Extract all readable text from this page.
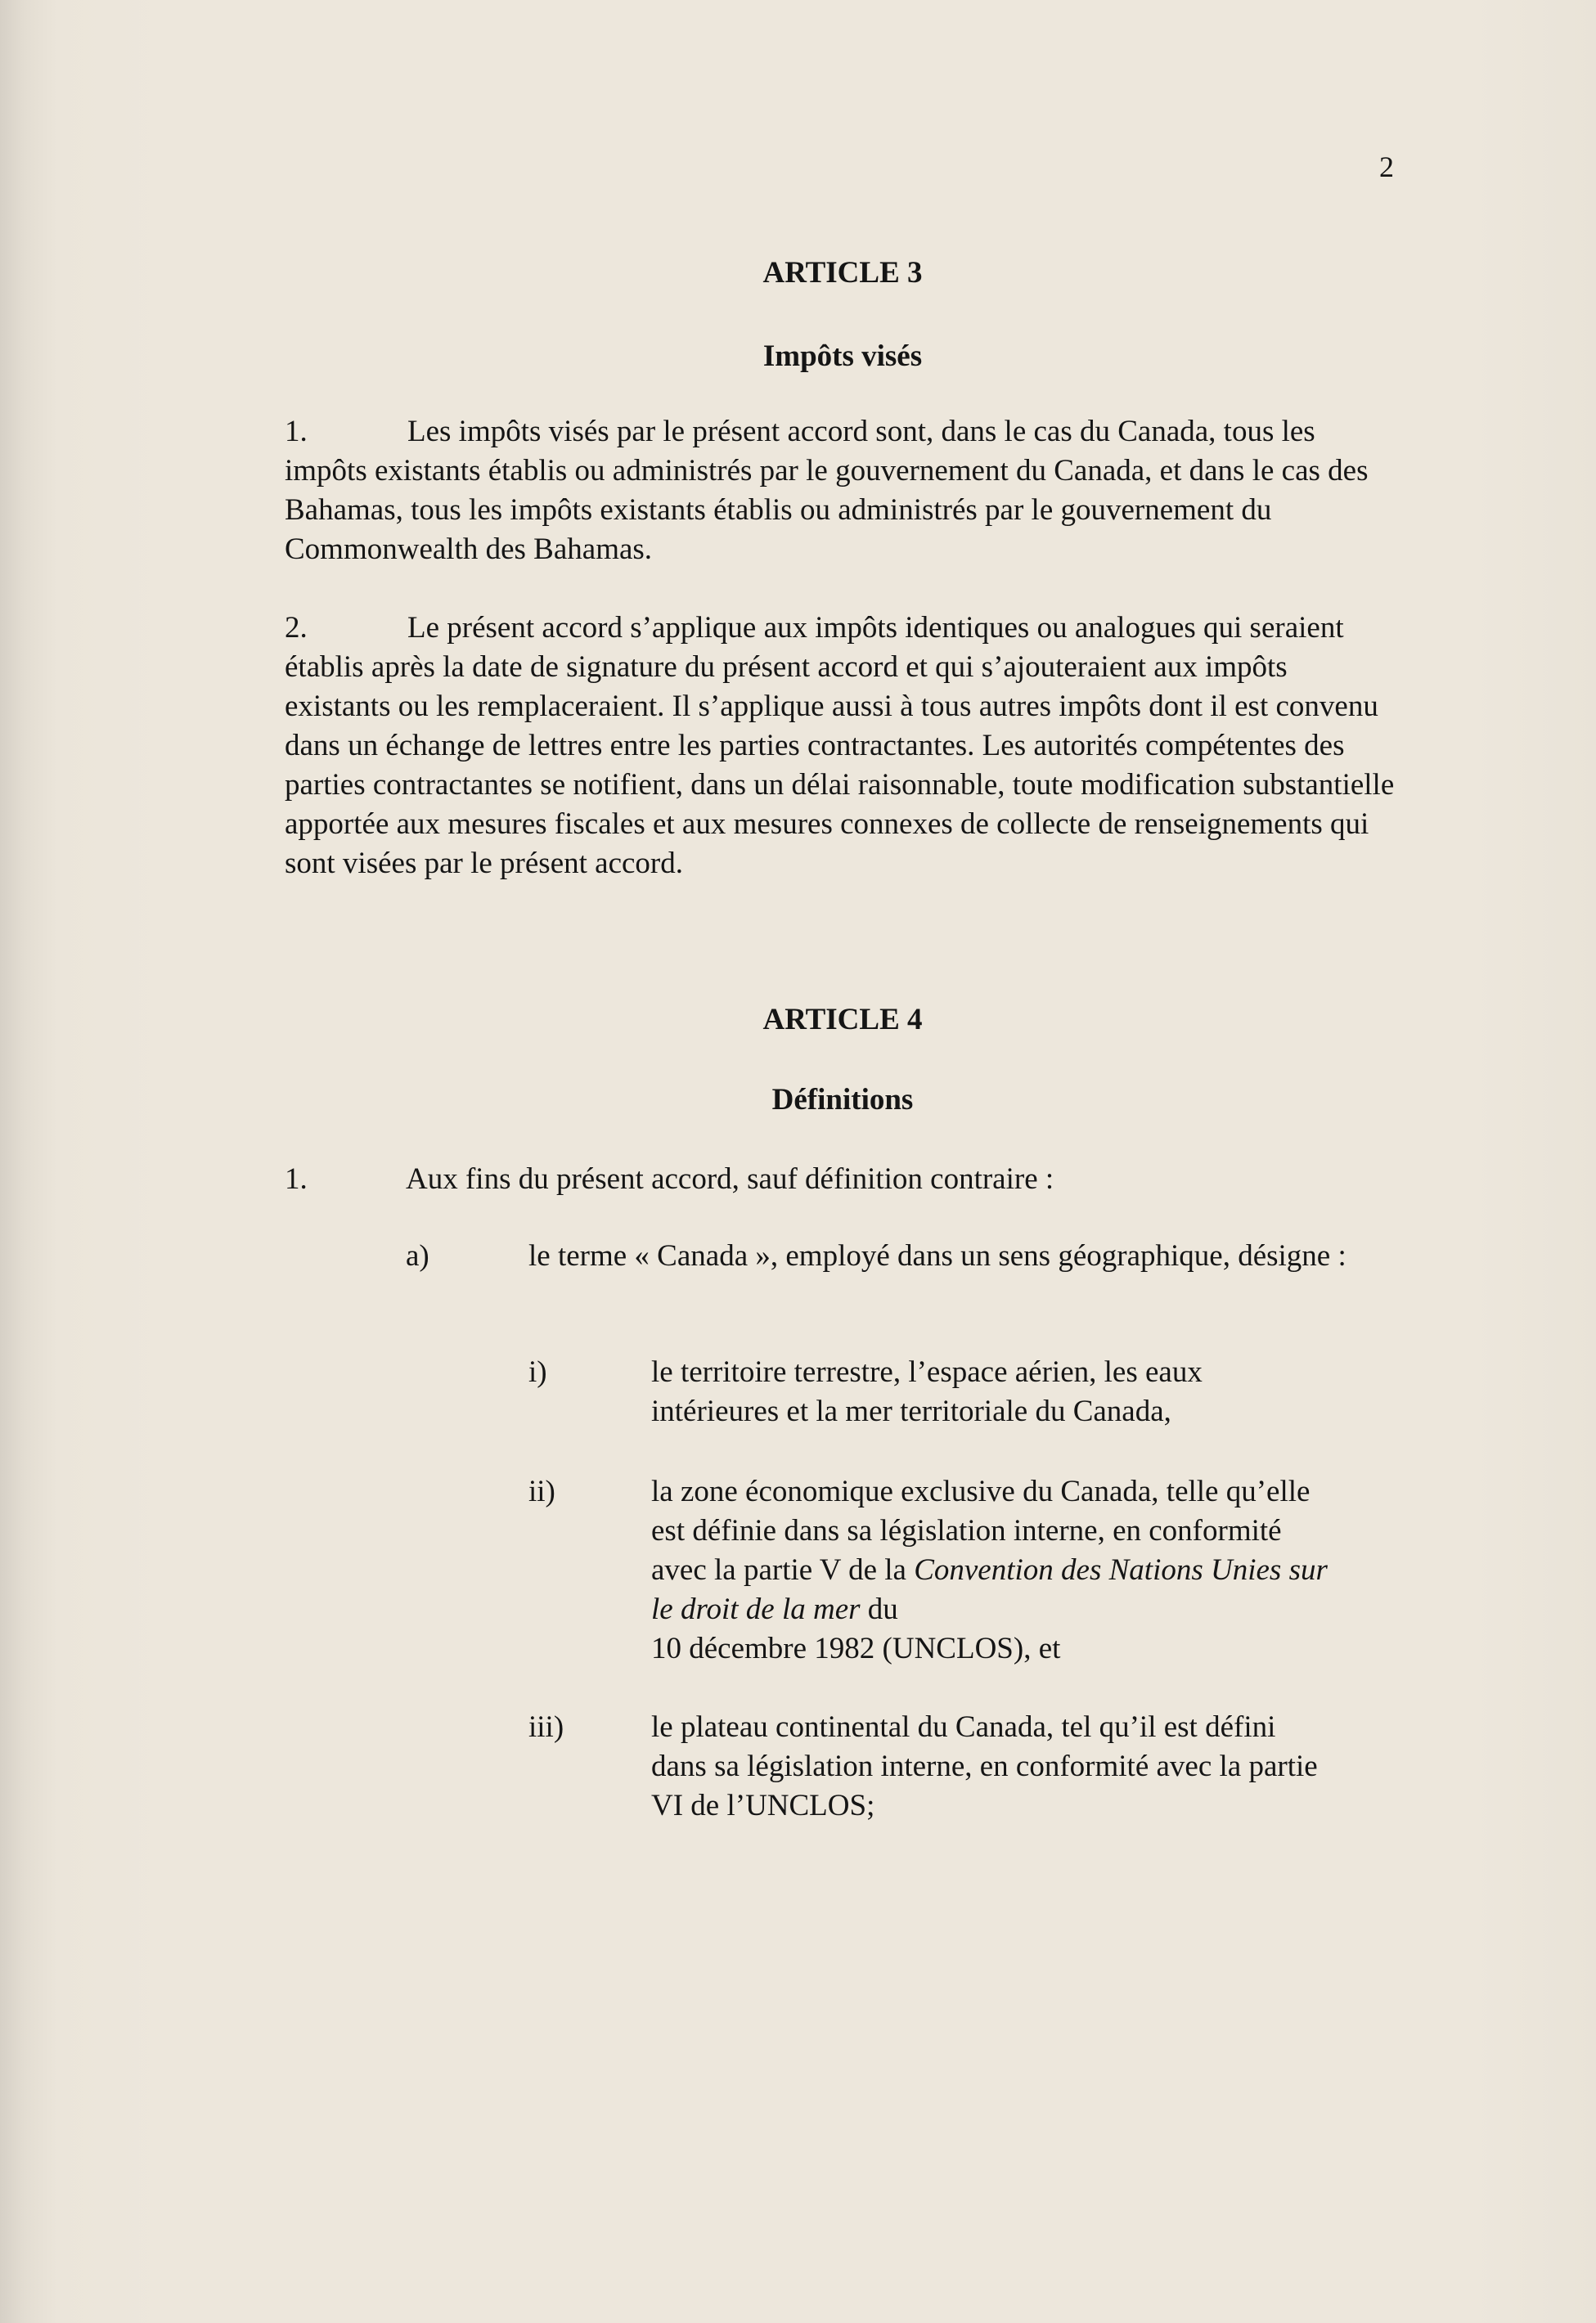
2
ARTICLE 3
Impôts visés
1.	Les impôts visés par le présent accord sont, dans le cas du Canada, tous les impôts existants établis ou administrés par le gouvernement du Canada, et dans le cas des Bahamas, tous les impôts existants établis ou administrés par le gouvernement du Commonwealth des Bahamas.
2.	Le présent accord s’applique aux impôts identiques ou analogues qui seraient établis après la date de signature du présent accord et qui s’ajouteraient aux impôts existants ou les remplaceraient. Il s’applique aussi à tous autres impôts dont il est convenu dans un échange de lettres entre les parties contractantes. Les autorités compétentes des parties contractantes se notifient, dans un délai raisonnable, toute modification substantielle apportée aux mesures fiscales et aux mesures connexes de collecte de renseignements qui sont visées par le présent accord.
ARTICLE 4
Définitions
1.	Aux fins du présent accord, sauf définition contraire :
a)	le terme « Canada », employé dans un sens géographique, désigne :
i)	le territoire terrestre, l’espace aérien, les eaux intérieures et la mer territoriale du Canada,
ii)	la zone économique exclusive du Canada, telle qu’elle est définie dans sa législation interne, en conformité avec la partie V de la Convention des Nations Unies sur le droit de la mer du
10 décembre 1982 (UNCLOS), et
iii)	le plateau continental du Canada, tel qu’il est défini dans sa législation interne, en conformité avec la partie VI de l’UNCLOS;
